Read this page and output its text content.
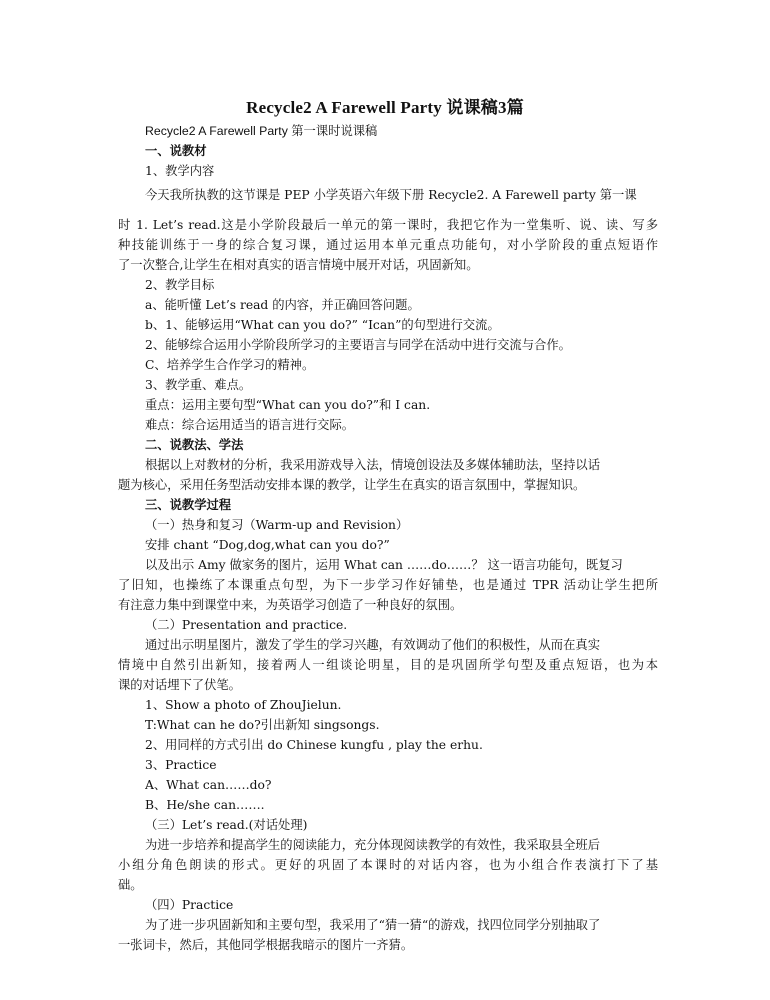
Recycle2 A Farewell Party 说课稿3篇
Recycle2 A Farewell Party 第一课时说课稿
一、说教材
1、教学内容
今天我所执教的这节课是 PEP 小学英语六年级下册 Recycle2. A Farewell party 第一课
时 1. Let’s read.这是小学阶段最后一单元的第一课时，我把它作为一堂集听、说、读、写多
种技能训练于一身的综合复习课，通过运用本单元重点功能句，对小学阶段的重点短语作
了一次整合,让学生在相对真实的语言情境中展开对话，巩固新知。
2、教学目标
a、能听懂 Let’s read 的内容，并正确回答问题。
b、1、能够运用“What can you do?” “Ican”的句型进行交流。
2、能够综合运用小学阶段所学习的主要语言与同学在活动中进行交流与合作。
C、培养学生合作学习的精神。
3、教学重、难点。
重点：运用主要句型“What can you do?”和 I can.
难点：综合运用适当的语言进行交际。
二、说教法、学法
根据以上对教材的分析，我采用游戏导入法，情境创设法及多媒体辅助法，坚持以话
题为核心，采用任务型活动安排本课的教学，让学生在真实的语言氛围中，掌握知识。
三、说教学过程
（一）热身和复习（Warm-up and Revision）
安排 chant “Dog,dog,what can you do?”
以及出示 Amy 做家务的图片，运用 What can ……do……？ 这一语言功能句，既复习
了旧知，也操练了本课重点句型，为下一步学习作好铺垫，也是通过 TPR 活动让学生把所
有注意力集中到课堂中来，为英语学习创造了一种良好的氛围。
（二）Presentation and practice.
通过出示明星图片，激发了学生的学习兴趣，有效调动了他们的积极性，从而在真实
情境中自然引出新知，接着两人一组谈论明星，目的是巩固所学句型及重点短语，也为本
课的对话埋下了伏笔。
1、Show a photo of ZhouJielun.
T:What can he do?引出新知 singsongs.
2、用同样的方式引出 do Chinese kungfu , play the erhu.
3、Practice
A、What can……do?
B、He/she can…….
（三）Let’s read.(对话处理)
为进一步培养和提高学生的阅读能力，充分体现阅读教学的有效性，我采取县全班后
小组分角色朗读的形式。更好的巩固了本课时的对话内容，也为小组合作表演打下了基
础。
（四）Practice
为了进一步巩固新知和主要句型，我采用了“猜一猜“的游戏，找四位同学分别抽取了
一张词卡，然后，其他同学根据我暗示的图片一齐猜。
